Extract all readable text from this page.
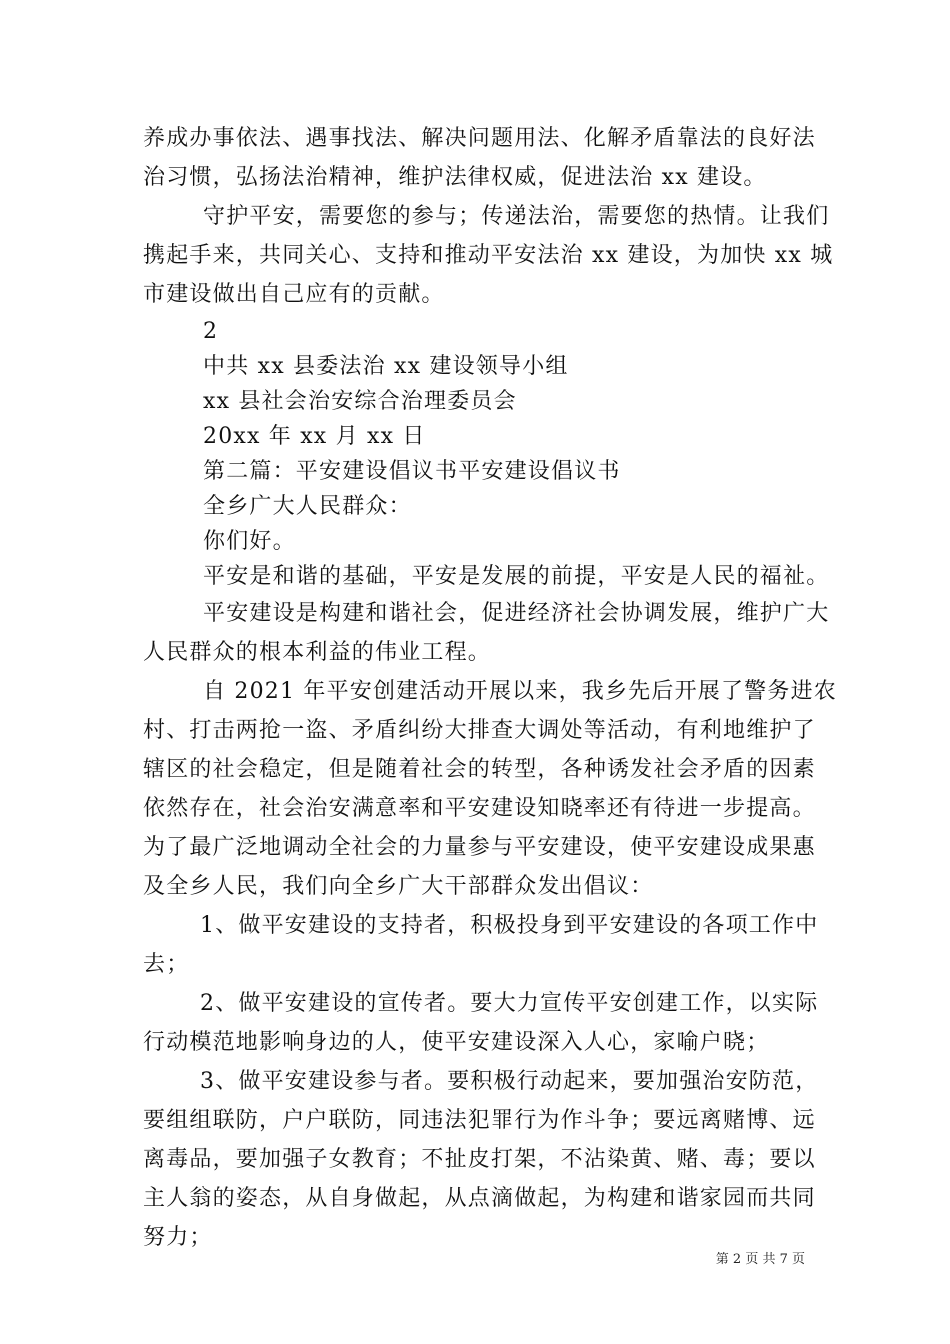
养成办事依法、遇事找法、解决问题用法、化解矛盾靠法的良好法
治习惯，弘扬法治精神，维护法律权威，促进法治 xx 建设。
守护平安，需要您的参与；传递法治，需要您的热情。让我们
携起手来，共同关心、支持和推动平安法治 xx 建设，为加快 xx 城
市建设做出自己应有的贡献。
2
中共 xx 县委法治 xx 建设领导小组
xx 县社会治安综合治理委员会
20xx 年 xx 月 xx 日
第二篇：平安建设倡议书平安建设倡议书
全乡广大人民群众：
你们好。
平安是和谐的基础，平安是发展的前提，平安是人民的福祉。
平安建设是构建和谐社会，促进经济社会协调发展，维护广大
人民群众的根本利益的伟业工程。
自 2021 年平安创建活动开展以来，我乡先后开展了警务进农
村、打击两抢一盗、矛盾纠纷大排查大调处等活动，有利地维护了
辖区的社会稳定，但是随着社会的转型，各种诱发社会矛盾的因素
依然存在，社会治安满意率和平安建设知晓率还有待进一步提高。
为了最广泛地调动全社会的力量参与平安建设，使平安建设成果惠
及全乡人民，我们向全乡广大干部群众发出倡议：
1、做平安建设的支持者，积极投身到平安建设的各项工作中
去；
2、做平安建设的宣传者。要大力宣传平安创建工作，以实际
行动模范地影响身边的人，使平安建设深入人心，家喻户晓；
3、做平安建设参与者。要积极行动起来，要加强治安防范，
要组组联防，户户联防，同违法犯罪行为作斗争；要远离赌博、远
离毒品，要加强子女教育；不扯皮打架，不沾染黄、赌、毒；要以
主人翁的姿态，从自身做起，从点滴做起，为构建和谐家园而共同
努力；
第 2 页 共 7 页
